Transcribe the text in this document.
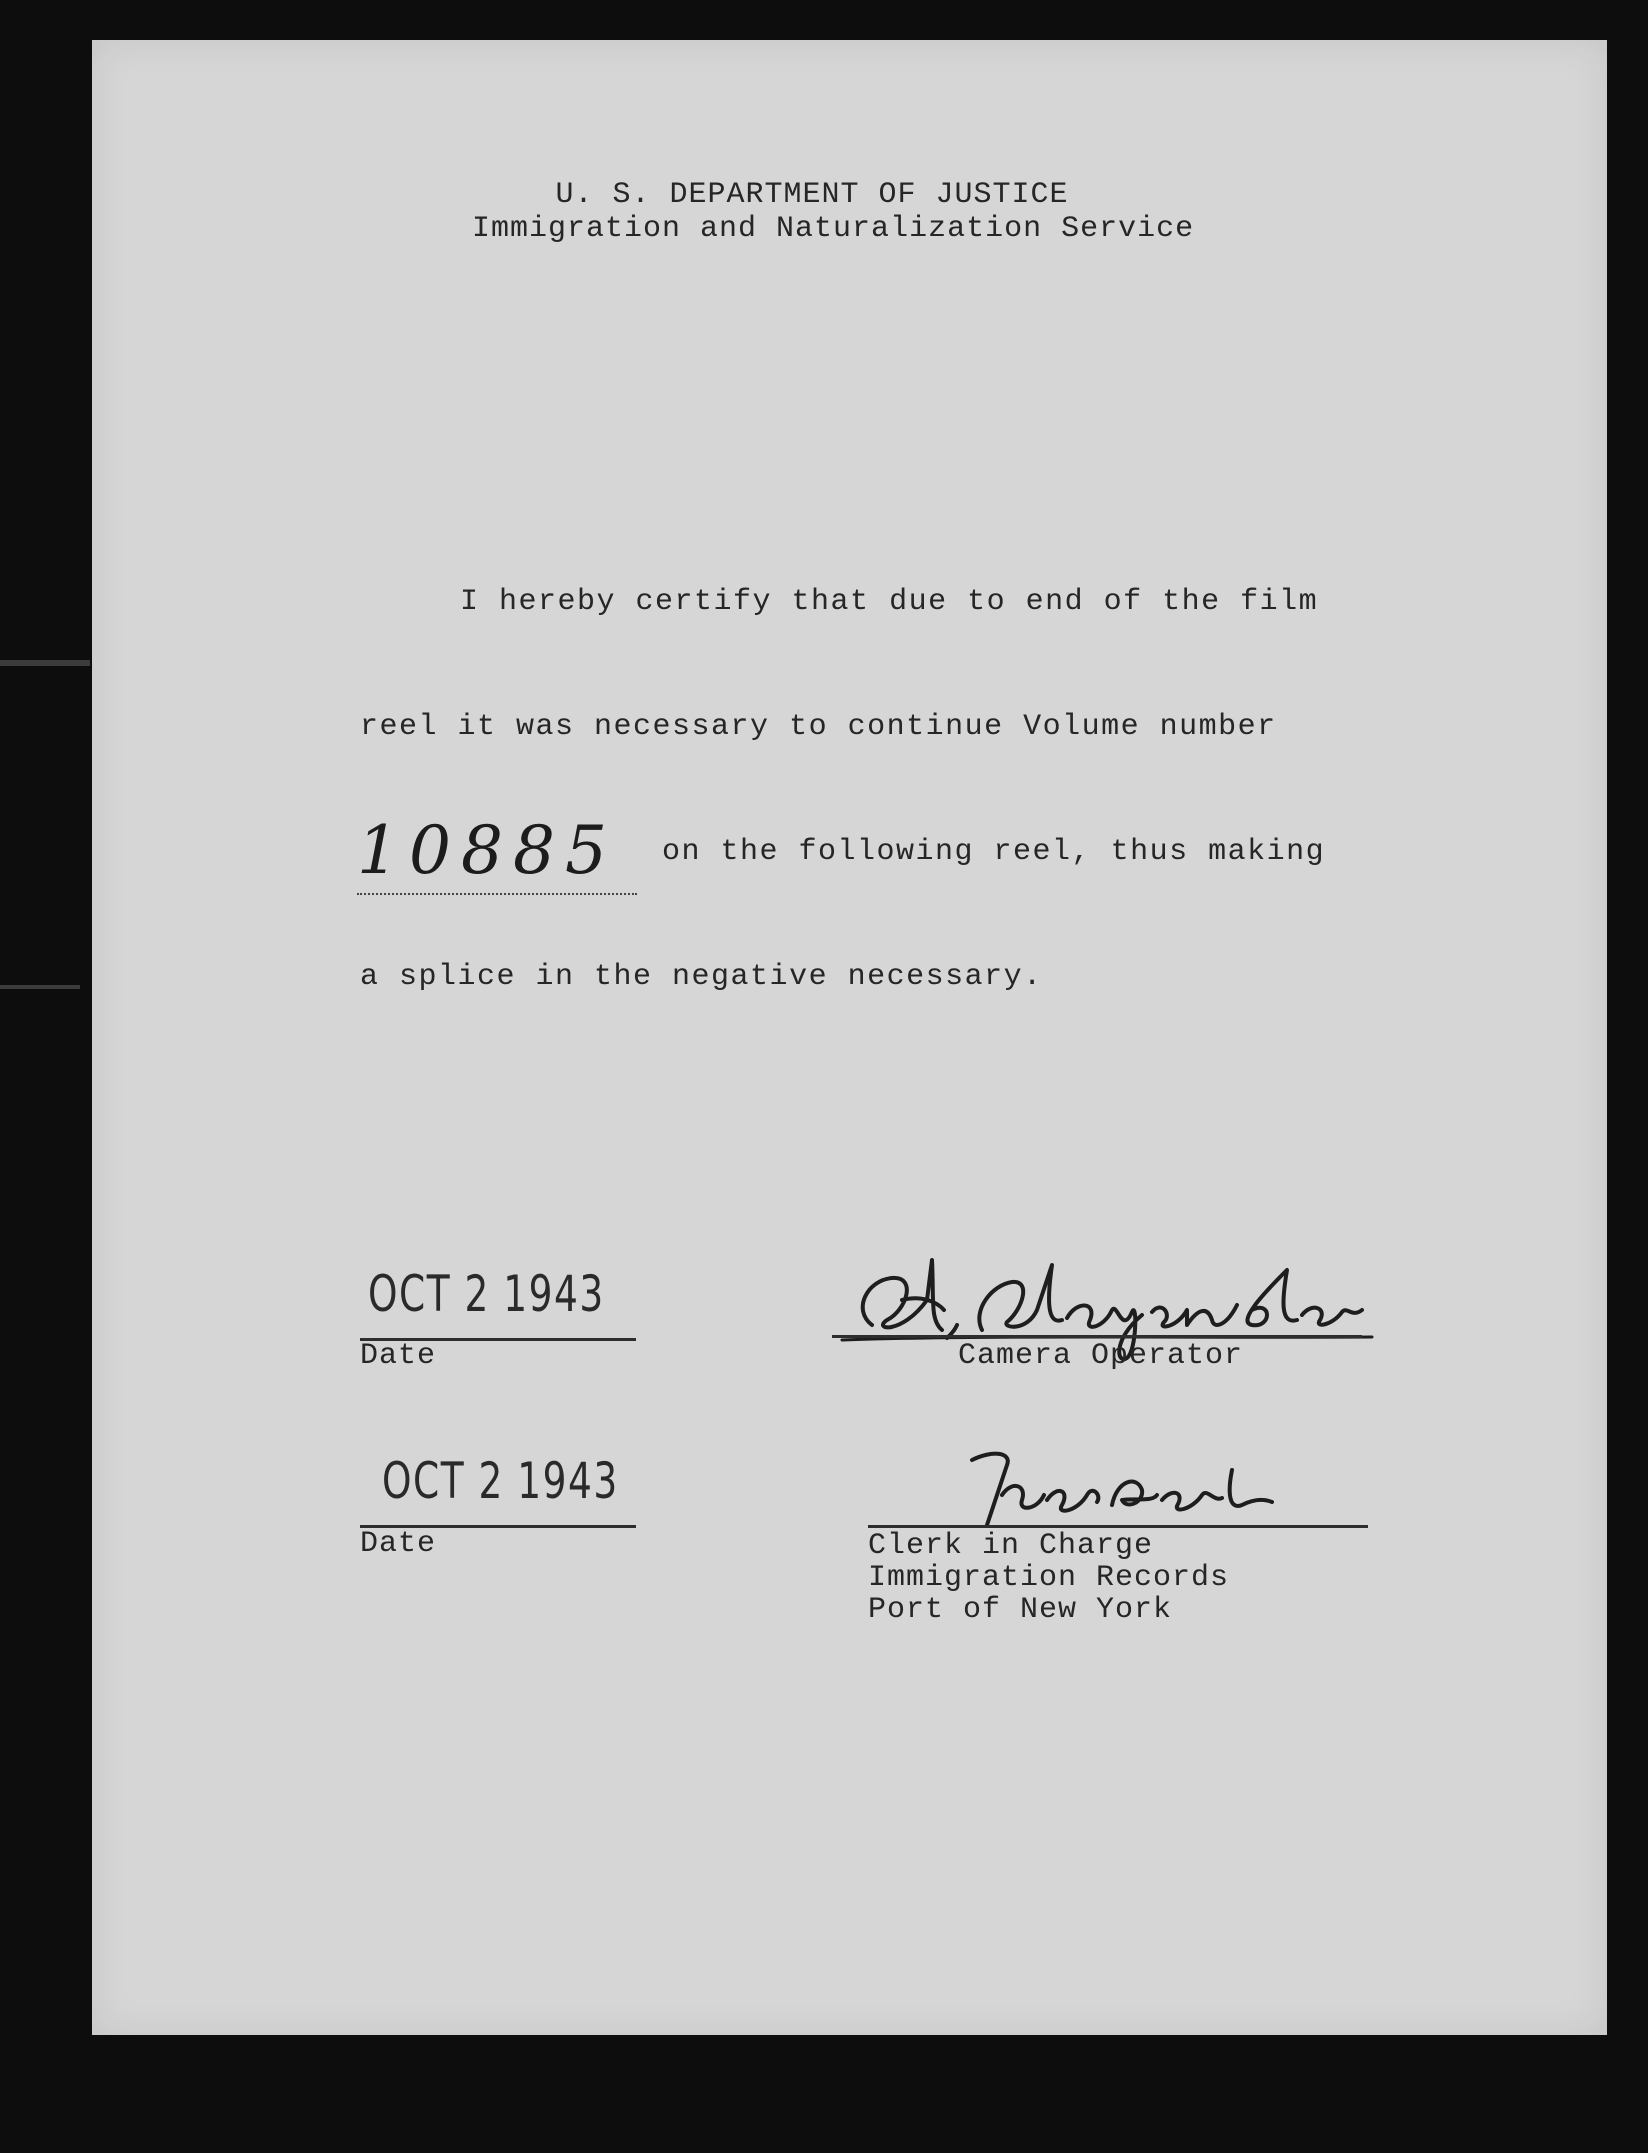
U. S. DEPARTMENT OF JUSTICE
Immigration and Naturalization Service
I hereby certify that due to end of the film
reel it was necessary to continue Volume number
10885 on the following reel, thus making
a splice in the negative necessary.
OCT 2 1943
Date	Camera Operator
OCT 2 1943
Date	Clerk in Charge
Immigration Records
Port of New York
